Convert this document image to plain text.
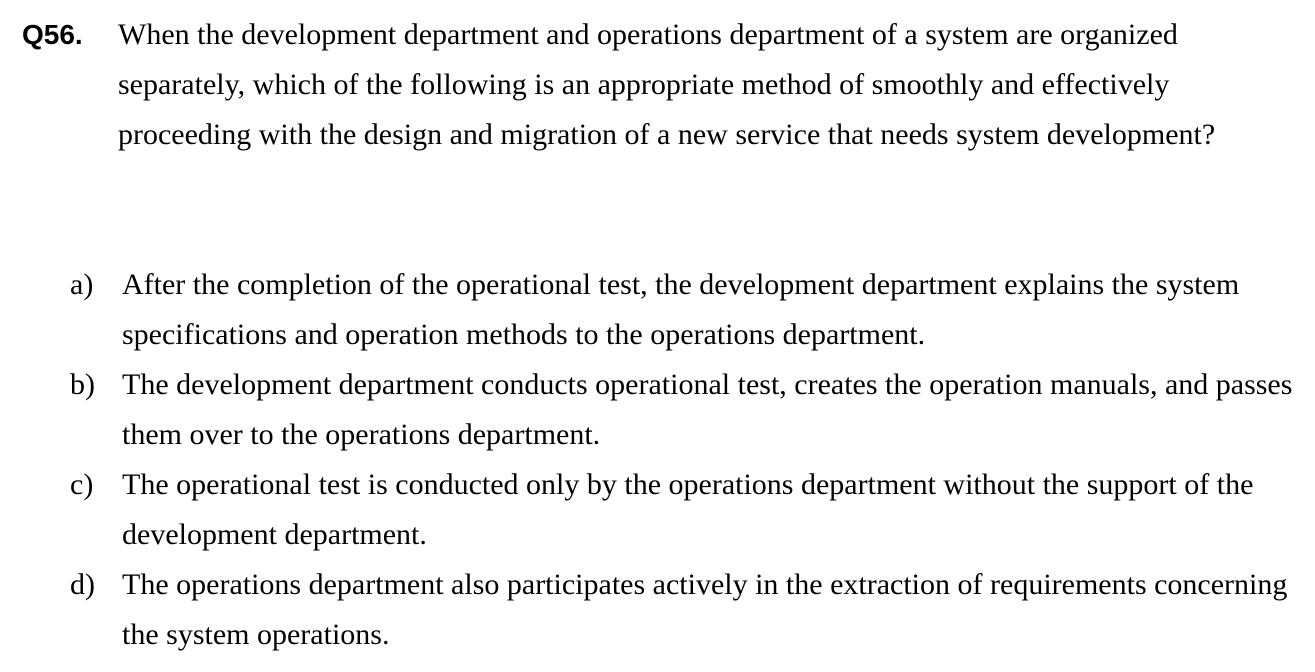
Q56. When the development department and operations department of a system are organized separately, which of the following is an appropriate method of smoothly and effectively proceeding with the design and migration of a new service that needs system development?
a) After the completion of the operational test, the development department explains the system specifications and operation methods to the operations department.
b) The development department conducts operational test, creates the operation manuals, and passes them over to the operations department.
c) The operational test is conducted only by the operations department without the support of the development department.
d) The operations department also participates actively in the extraction of requirements concerning the system operations.
